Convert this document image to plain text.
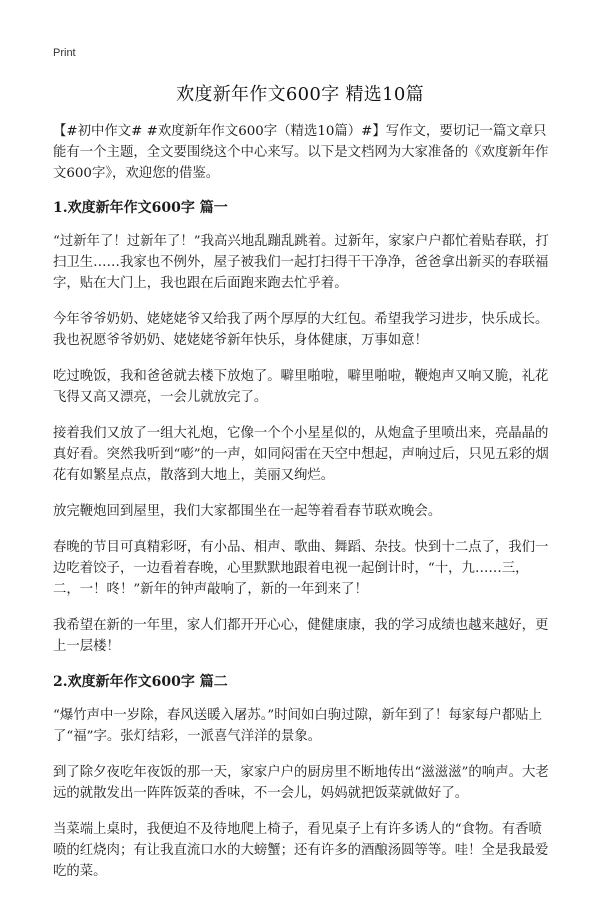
Print
欢度新年作文600字 精选10篇

【#初中作文# #欢度新年作文600字（精选10篇）#】写作文，要切记一篇文章只能有一个主题，全文要围绕这个中心来写。以下是文档网为大家准备的《欢度新年作文600字》，欢迎您的借鉴。

1.欢度新年作文600字 篇一

“过新年了！过新年了！”我高兴地乱蹦乱跳着。过新年，家家户户都忙着贴春联，打扫卫生……我家也不例外，屋子被我们一起打扫得干干净净，爸爸拿出新买的春联福字，贴在大门上，我也跟在后面跑来跑去忙乎着。

今年爷爷奶奶、姥姥姥爷又给我了两个厚厚的大红包。希望我学习进步，快乐成长。我也祝愿爷爷奶奶、姥姥姥爷新年快乐，身体健康，万事如意！

吃过晚饭，我和爸爸就去楼下放炮了。噼里啪啦，噼里啪啦，鞭炮声又响又脆，礼花飞得又高又漂亮，一会儿就放完了。

接着我们又放了一组大礼炮，它像一个个小星星似的，从炮盒子里喷出来，亮晶晶的真好看。突然我听到“嘭”的一声，如同闷雷在天空中想起，声响过后，只见五彩的烟花有如繁星点点，散落到大地上，美丽又绚烂。

放完鞭炮回到屋里，我们大家都围坐在一起等着看春节联欢晚会。

春晚的节目可真精彩呀，有小品、相声、歌曲、舞蹈、杂技。快到十二点了，我们一边吃着饺子，一边看着春晚，心里默默地跟着电视一起倒计时，“十，九……三，二，一！咚！”新年的钟声敲响了，新的一年到来了！

我希望在新的一年里，家人们都开开心心，健健康康，我的学习成绩也越来越好，更上一层楼！

2.欢度新年作文600字 篇二

“爆竹声中一岁除，春风送暖入屠苏。”时间如白驹过隙，新年到了！每家每户都贴上了“福”字。张灯结彩，一派喜气洋洋的景象。

到了除夕夜吃年夜饭的那一天，家家户户的厨房里不断地传出“滋滋滋”的响声。大老远的就散发出一阵阵饭菜的香味，不一会儿，妈妈就把饭菜就做好了。

当菜端上桌时，我便迫不及待地爬上椅子，看见桌子上有许多诱人的“食物。有香喷喷的红烧肉；有让我直流口水的大螃蟹；还有许多的酒酿汤圆等等。哇！全是我最爱吃的菜。
